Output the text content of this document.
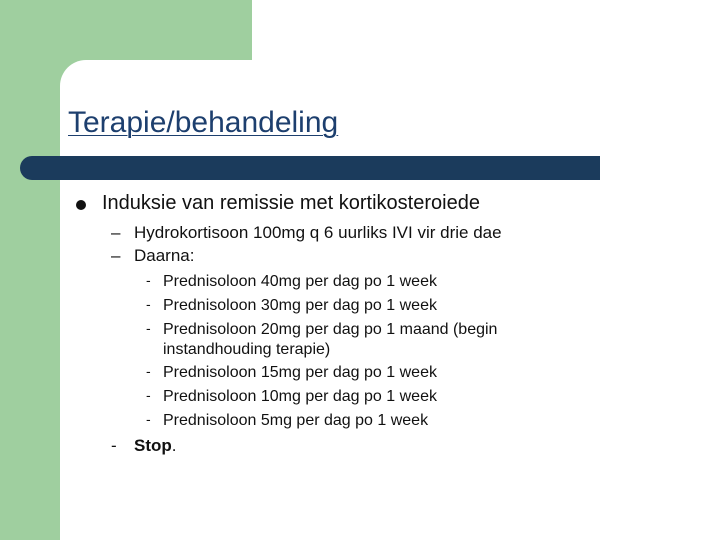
Terapie/behandeling
Induksie van remissie met kortikosteroiede
– Hydrokortisoon 100mg q 6 uurliks IVI vir drie dae
– Daarna:
- Prednisoloon 40mg per dag po 1 week
- Prednisoloon 30mg per dag po 1 week
- Prednisoloon 20mg per dag po 1 maand (begin instandhouding terapie)
- Prednisoloon 15mg per dag po 1 week
- Prednisoloon 10mg per dag po 1 week
- Prednisoloon 5mg per dag po 1 week
- Stop.
